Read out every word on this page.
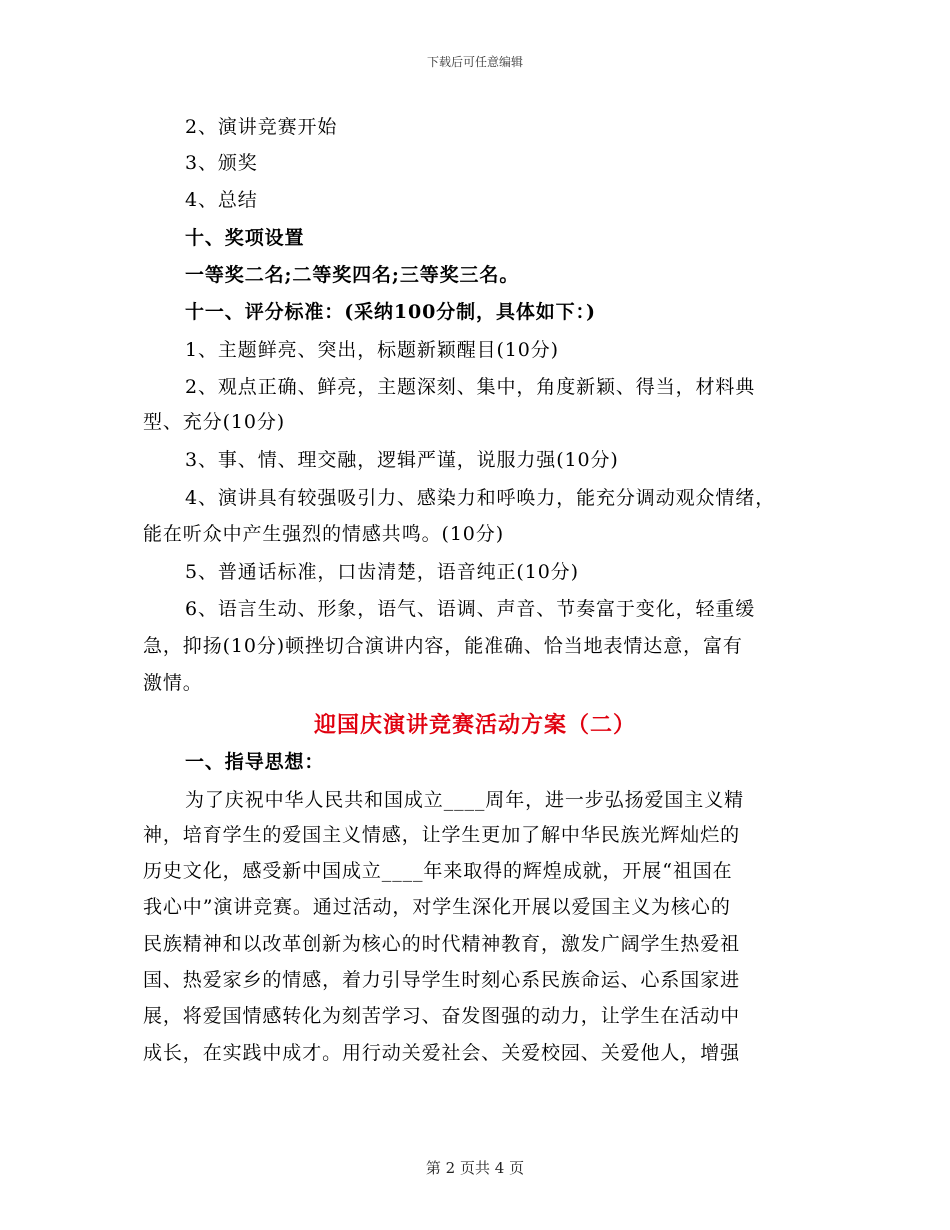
下载后可任意编辑
2、演讲竞赛开始
3、颁奖
4、总结
十、奖项设置
一等奖二名;二等奖四名;三等奖三名。
十一、评分标准：(采纳100分制，具体如下：)
1、主题鲜亮、突出，标题新颖醒目(10分)
2、观点正确、鲜亮，主题深刻、集中，角度新颖、得当，材料典
型、充分(10分)
3、事、情、理交融，逻辑严谨，说服力强(10分)
4、演讲具有较强吸引力、感染力和呼唤力，能充分调动观众情绪，
能在听众中产生强烈的情感共鸣。(10分)
5、普通话标准，口齿清楚，语音纯正(10分)
6、语言生动、形象，语气、语调、声音、节奏富于变化，轻重缓
急，抑扬(10分)顿挫切合演讲内容，能准确、恰当地表情达意，富有
激情。
迎国庆演讲竞赛活动方案（二）
一、指导思想：
为了庆祝中华人民共和国成立____周年，进一步弘扬爱国主义精
神，培育学生的爱国主义情感，让学生更加了解中华民族光辉灿烂的
历史文化，感受新中国成立____年来取得的辉煌成就，开展“祖国在
我心中”演讲竞赛。通过活动，对学生深化开展以爱国主义为核心的
民族精神和以改革创新为核心的时代精神教育，激发广阔学生热爱祖
国、热爱家乡的情感，着力引导学生时刻心系民族命运、心系国家进
展，将爱国情感转化为刻苦学习、奋发图强的动力，让学生在活动中
成长，在实践中成才。用行动关爱社会、关爱校园、关爱他人，增强
第 2 页共 4 页
